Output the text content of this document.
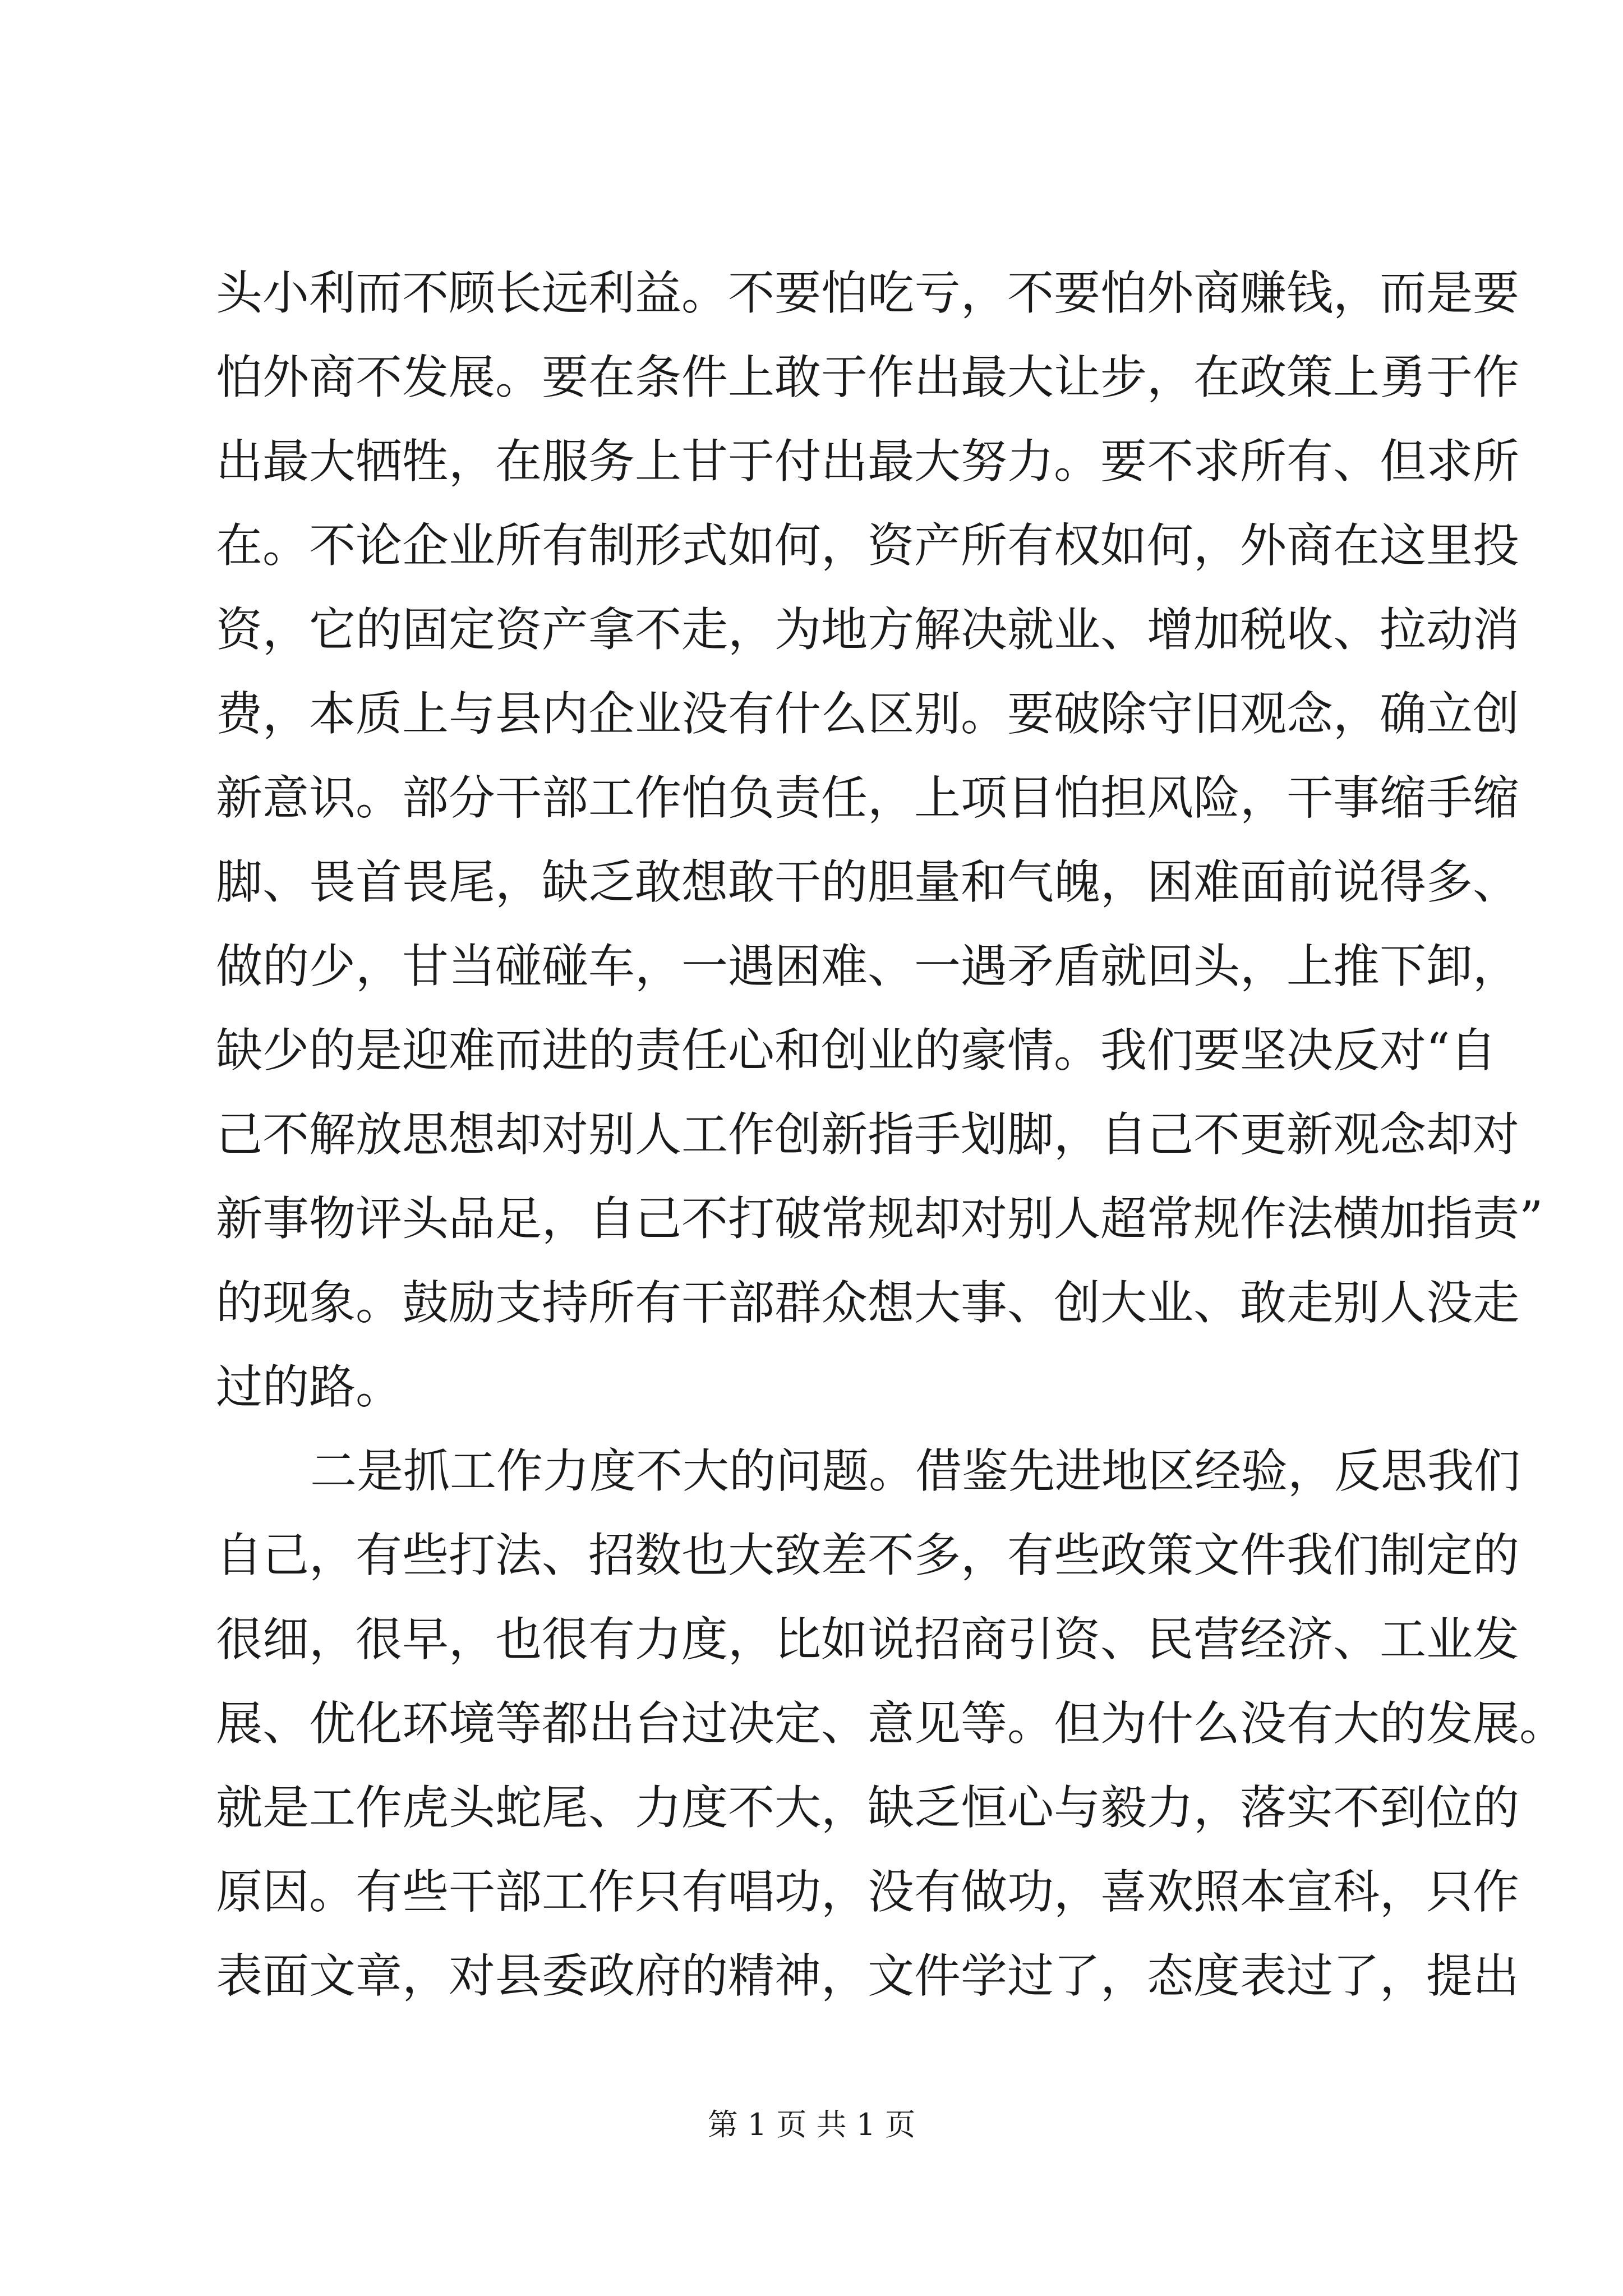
头小利而不顾长远利益。不要怕吃亏，不要怕外商赚钱，而是要
怕外商不发展。要在条件上敢于作出最大让步，在政策上勇于作
出最大牺牲，在服务上甘于付出最大努力。要不求所有、但求所
在。不论企业所有制形式如何，资产所有权如何，外商在这里投
资，它的固定资产拿不走，为地方解决就业、增加税收、拉动消
费，本质上与县内企业没有什么区别。要破除守旧观念，确立创
新意识。部分干部工作怕负责任，上项目怕担风险，干事缩手缩
脚、畏首畏尾，缺乏敢想敢干的胆量和气魄，困难面前说得多、
做的少，甘当碰碰车，一遇困难、一遇矛盾就回头，上推下卸，
缺少的是迎难而进的责任心和创业的豪情。我们要坚决反对“自
己不解放思想却对别人工作创新指手划脚，自己不更新观念却对
新事物评头品足，自己不打破常规却对别人超常规作法横加指责”
的现象。鼓励支持所有干部群众想大事、创大业、敢走别人没走
过的路。
二是抓工作力度不大的问题。借鉴先进地区经验，反思我们
自己，有些打法、招数也大致差不多，有些政策文件我们制定的
很细，很早，也很有力度，比如说招商引资、民营经济、工业发
展、优化环境等都出台过决定、意见等。但为什么没有大的发展。
就是工作虎头蛇尾、力度不大，缺乏恒心与毅力，落实不到位的
原因。有些干部工作只有唱功，没有做功，喜欢照本宣科，只作
表面文章，对县委政府的精神，文件学过了，态度表过了，提出
第 1 页 共 1 页
